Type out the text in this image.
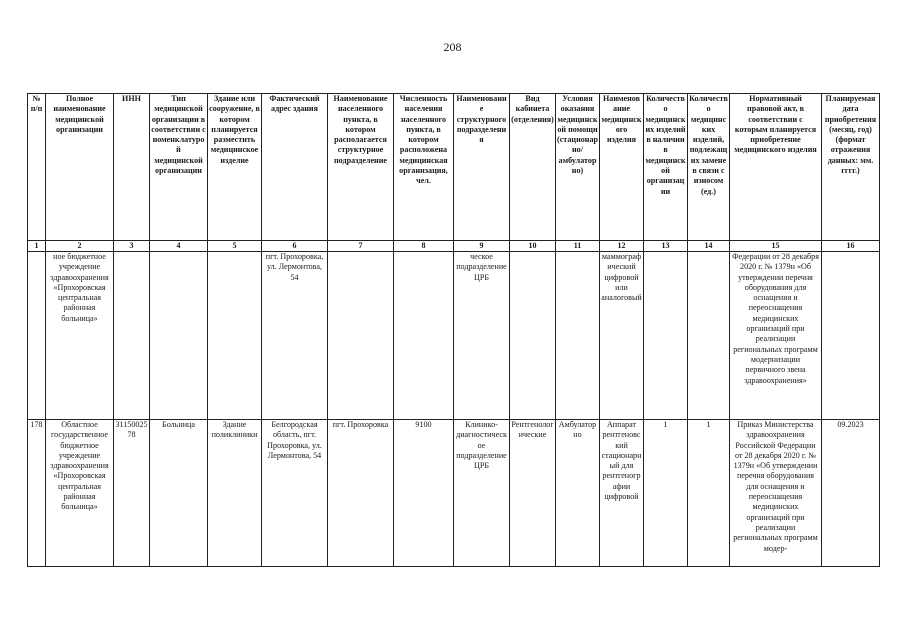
208
№ п/п	Полное наименование медицинской организации	ИНН	Тип медицинской организации в соответствии с номенклатурой медицинской организации	Здание или сооружение, в котором планируется разместить медицинское изделие	Фактический адрес здания	Наименование населенного пункта, в котором располагается структурное подразделение	Численность населения населенного пункта, в котором расположена медицинская организация, чел.	Наименование структурного подразделения	Вид кабинета (отделения)	Условия оказания медицинской помощи (стационарно/ амбулаторно)	Наименование медицинского изделия	Количество медицинских изделий в наличии в медицинской организации	Количество медицинских изделий, подлежащих замене в связи с износом (ед.)	Нормативный правовой акт, в соответствии с которым планируется приобретение медицинского изделия	Планируемая дата приобретения (месяц, год) (формат отражения данных: мм. гггг.)
1	2	3	4	5	6	7	8	9	10	11	12	13	14	15	16
	ное бюджетное учреждение здравоохранения «Прохоровская центральная районная больница»				пгт. Прохоровка, ул. Лермонтова, 54			ческое подразделение ЦРБ			маммографический цифровой или аналоговый			Федерации от 28 декабря 2020 г. № 1379н «Об утверждении перечня оборудования для оснащения и переоснащения медицинских организаций при реализации региональных программ модернизации первичного звена здравоохранения»	
178	Областное государственное бюджетное учреждение здравоохранения «Прохоровская центральная районная больница»	3115002578	Больница	Здание поликлиники	Белгородская область, пгт. Прохоровка, ул. Лермонтова, 54	пгт. Прохоровка	9100	Клинико-диагностическое подразделение ЦРБ	Рентгенологические	Амбулаторно	Аппарат рентгеновский стационарный для рентгенографии цифровой	1	1	Приказ Министерства здравоохранения Российской Федерации от 28 декабря 2020 г. № 1379н «Об утверждении перечня оборудования для оснащения и переоснащения медицинских организаций при реализации региональных программ модер-	09.2023
